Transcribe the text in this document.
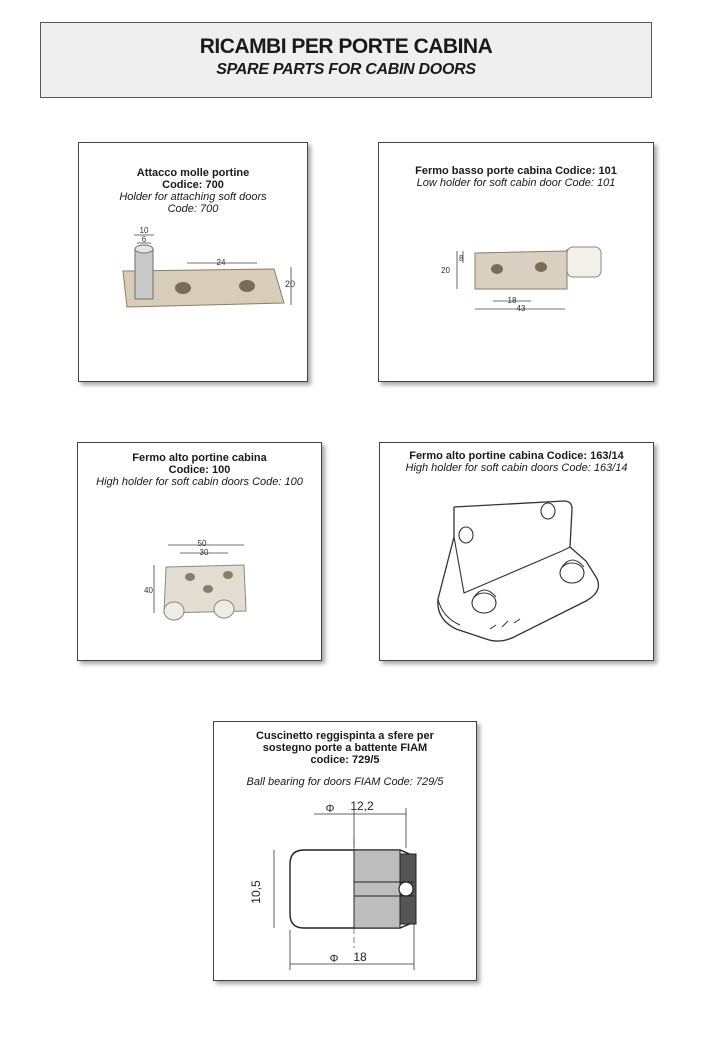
RICAMBI PER PORTE CABINA
SPARE PARTS FOR CABIN DOORS
Attacco molle portine
Codice: 700
Holder for attaching soft doors
Code: 700
10
6
24
20
Fermo basso porte cabina Codice: 101
Low holder for soft cabin door Code: 101
8
20
18
43
Fermo alto portine cabina
Codice: 100
High holder for soft cabin doors Code: 100
50
30
40
Fermo alto portine cabina Codice: 163/14
High holder for soft cabin doors Code: 163/14
Cuscinetto reggispinta a sfere per
sostegno porte a battente FIAM
codice: 729/5
Ball bearing for doors FIAM Code: 729/5
Φ 12,2
10,5
Φ 18
